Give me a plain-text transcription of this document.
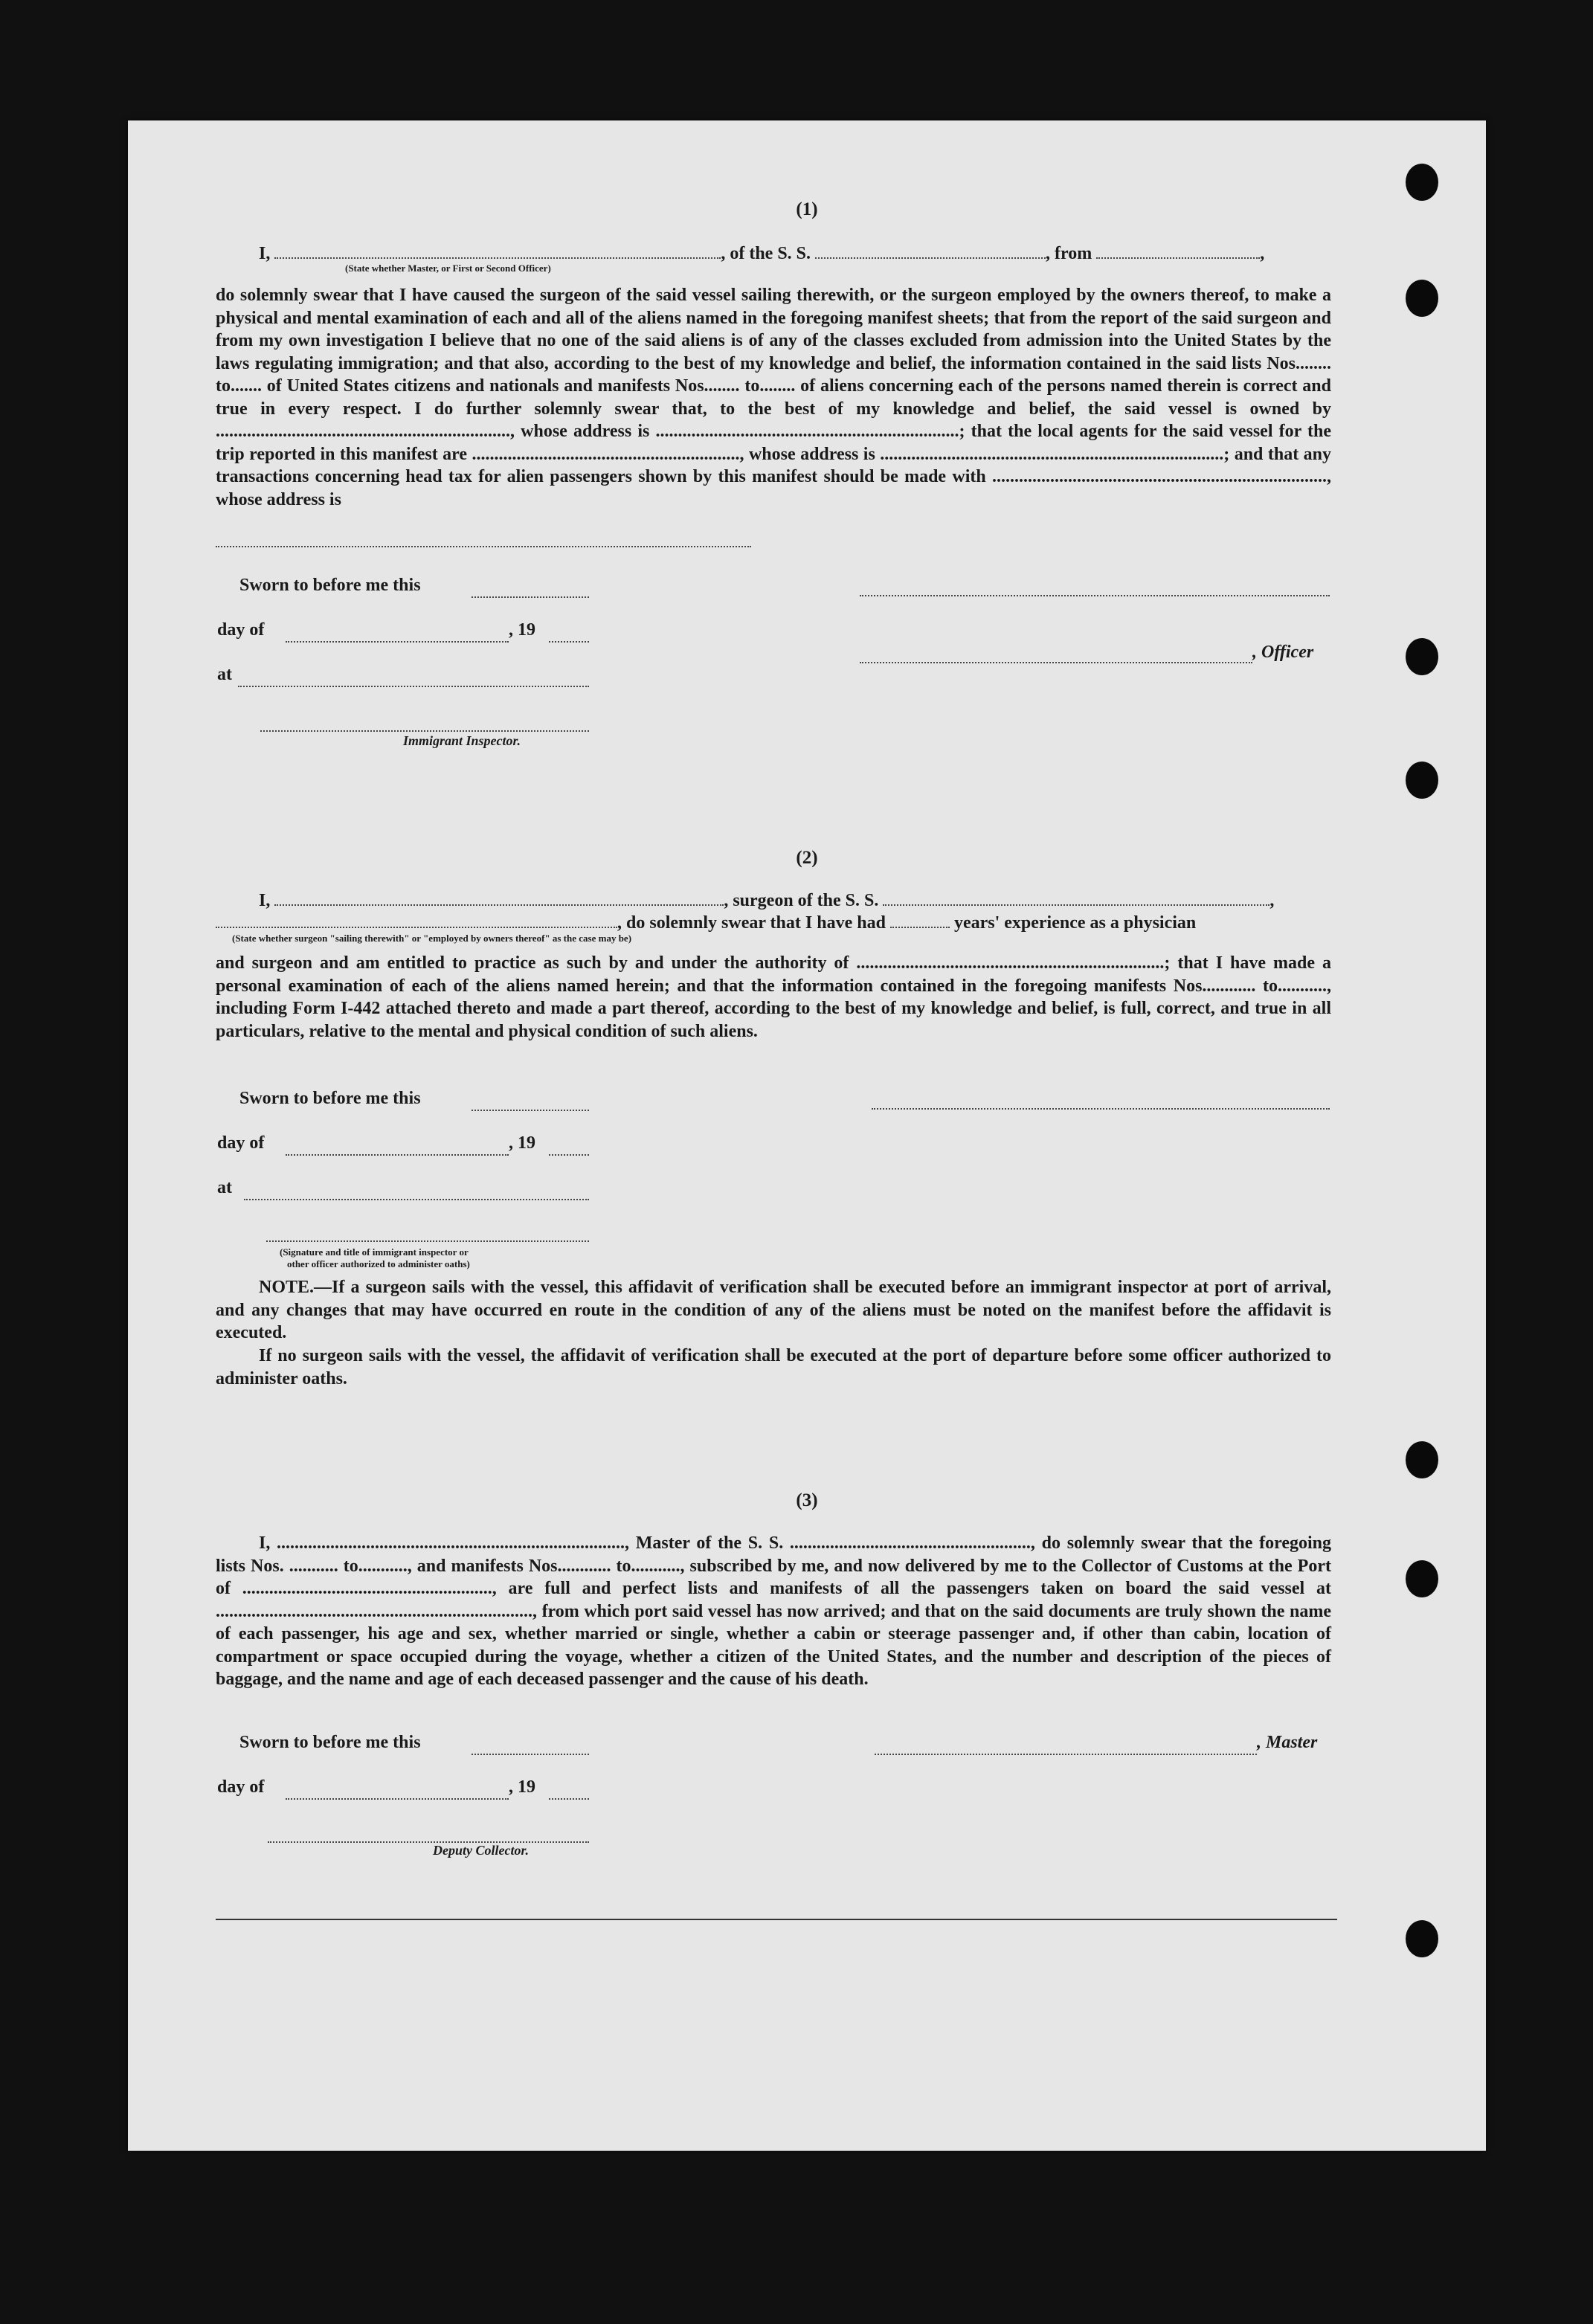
(1)
I,	, of the S. S.	, from	,
(State whether Master, or First or Second Officer)
do solemnly swear that I have caused the surgeon of the said vessel sailing therewith, or the surgeon employed by the owners thereof, to make a physical and mental examination of each and all of the aliens named in the foregoing manifest sheets; that from the report of the said surgeon and from my own investigation I believe that no one of the said aliens is of any of the classes excluded from admission into the United States by the laws regulating immigration; and that also, according to the best of my knowledge and belief, the information contained in the said lists Nos........ to....... of United States citizens and nationals and manifests Nos........ to........ of aliens concerning each of the persons named therein is correct and true in every respect. I do further solemnly swear that, to the best of my knowledge and belief, the said vessel is owned by .................................................................., whose address is ....................................................................; that the local agents for the said vessel for the trip reported in this manifest are ............................................................, whose address is .............................................................................; and that any transactions concerning head tax for alien passengers shown by this manifest should be made with ..........................................................................., whose address is
Sworn to before me this
day of	, 19
, Officer
at
Immigrant Inspector.
(2)
I,	, surgeon of the S. S.	,
, do solemnly swear that I have had	years' experience as a physician
(State whether surgeon "sailing therewith" or "employed by owners thereof" as the case may be)
and surgeon and am entitled to practice as such by and under the authority of .....................................................................; that I have made a personal examination of each of the aliens named herein; and that the information contained in the foregoing manifests Nos............ to..........., including Form I-442 attached thereto and made a part thereof, according to the best of my knowledge and belief, is full, correct, and true in all particulars, relative to the mental and physical condition of such aliens.
Sworn to before me this
day of	, 19
at
(Signature and title of immigrant inspector or
other officer authorized to administer oaths)
NOTE.—If a surgeon sails with the vessel, this affidavit of verification shall be executed before an immigrant inspector at port of arrival, and any changes that may have occurred en route in the condition of any of the aliens must be noted on the manifest before the affidavit is executed.
If no surgeon sails with the vessel, the affidavit of verification shall be executed at the port of departure before some officer authorized to administer oaths.
(3)
I, .............................................................................., Master of the S. S. ......................................................, do solemnly swear that the foregoing lists Nos. ........... to..........., and manifests Nos............ to..........., subscribed by me, and now delivered by me to the Collector of Customs at the Port of ........................................................, are full and perfect lists and manifests of all the passengers taken on board the said vessel at ......................................................................., from which port said vessel has now arrived; and that on the said documents are truly shown the name of each passenger, his age and sex, whether married or single, whether a cabin or steerage passenger and, if other than cabin, location of compartment or space occupied during the voyage, whether a citizen of the United States, and the number and description of the pieces of baggage, and the name and age of each deceased passenger and the cause of his death.
Sworn to before me this	, Master
day of	, 19
Deputy Collector.
